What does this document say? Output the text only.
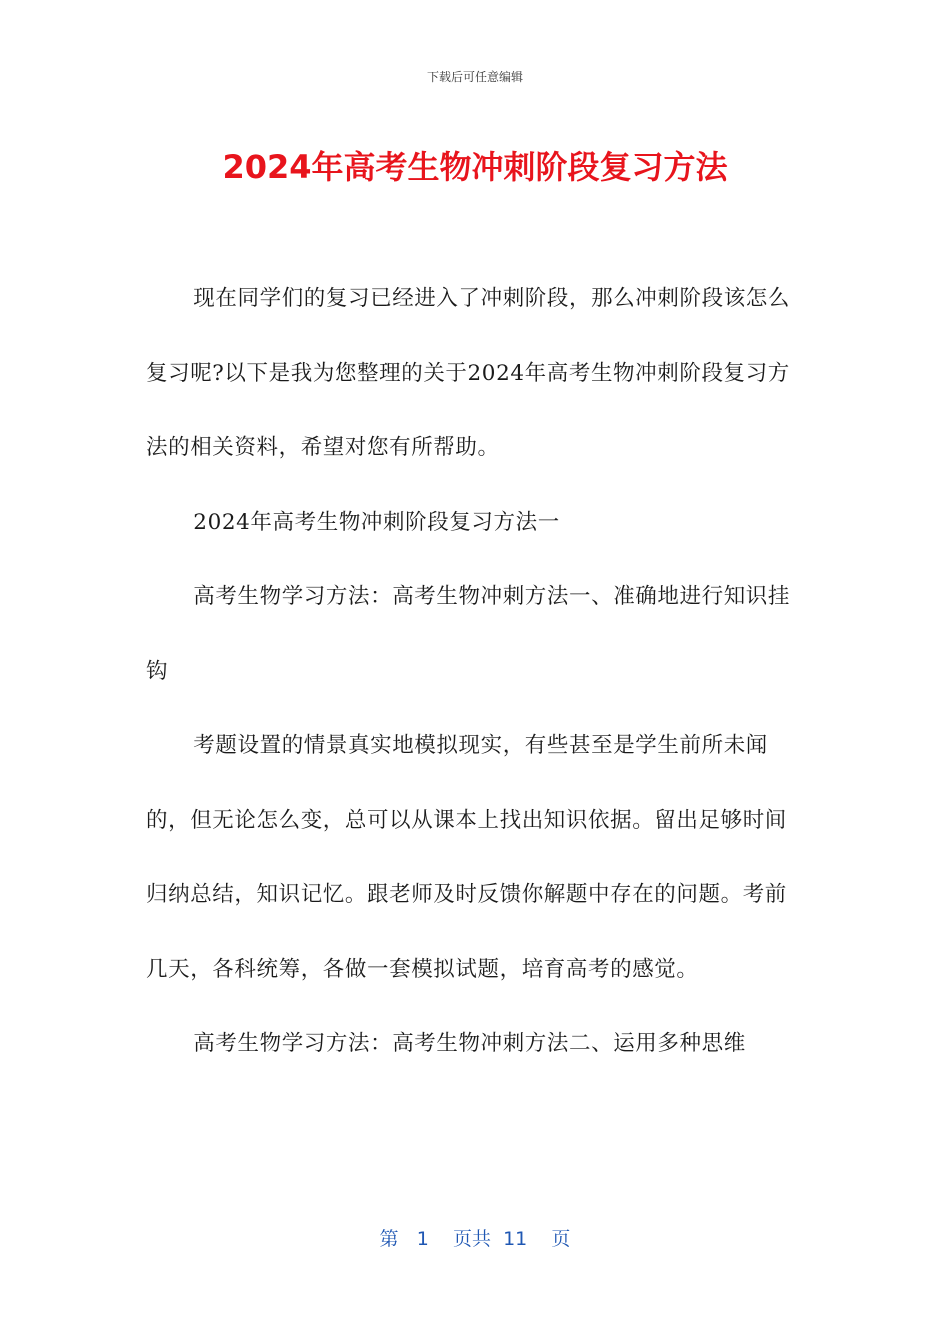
下载后可任意编辑
2024年高考生物冲刺阶段复习方法

现在同学们的复习已经进入了冲刺阶段，那么冲刺阶段该怎么复习呢?以下是我为您整理的关于2024年高考生物冲刺阶段复习方法的相关资料，希望对您有所帮助。

2024年高考生物冲刺阶段复习方法一

高考生物学习方法：高考生物冲刺方法一、准确地进行知识挂钩

考题设置的情景真实地模拟现实，有些甚至是学生前所未闻的，但无论怎么变，总可以从课本上找出知识依据。留出足够时间归纳总结，知识记忆。跟老师及时反馈你解题中存在的问题。考前几天，各科统筹，各做一套模拟试题，培育高考的感觉。

高考生物学习方法：高考生物冲刺方法二、运用多种思维

第 1 页共 11 页
